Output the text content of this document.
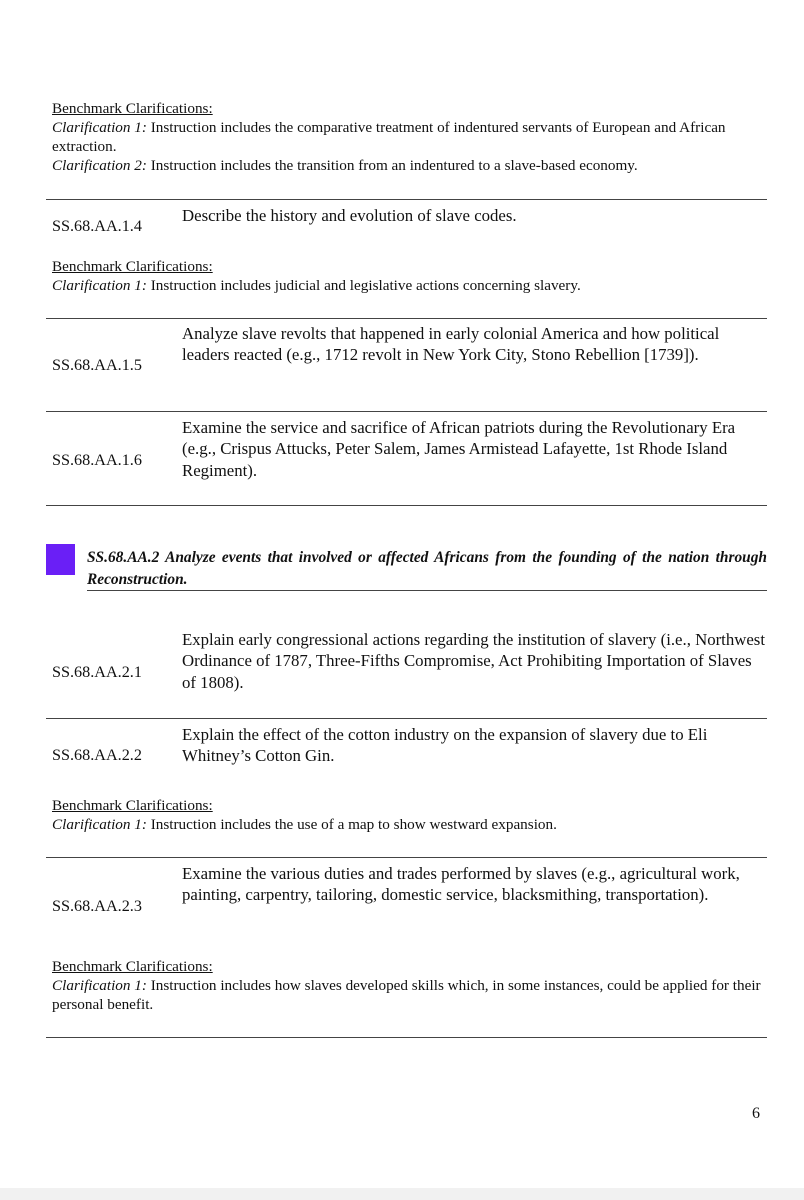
Benchmark Clarifications:
Clarification 1: Instruction includes the comparative treatment of indentured servants of European and African extraction.
Clarification 2: Instruction includes the transition from an indentured to a slave-based economy.
SS.68.AA.1.4
Describe the history and evolution of slave codes.
Benchmark Clarifications:
Clarification 1: Instruction includes judicial and legislative actions concerning slavery.
SS.68.AA.1.5
Analyze slave revolts that happened in early colonial America and how political leaders reacted (e.g., 1712 revolt in New York City, Stono Rebellion [1739]).
SS.68.AA.1.6
Examine the service and sacrifice of African patriots during the Revolutionary Era (e.g., Crispus Attucks, Peter Salem, James Armistead Lafayette, 1st Rhode Island Regiment).
SS.68.AA.2 Analyze events that involved or affected Africans from the founding of the nation through Reconstruction.
SS.68.AA.2.1
Explain early congressional actions regarding the institution of slavery (i.e., Northwest Ordinance of 1787, Three-Fifths Compromise, Act Prohibiting Importation of Slaves of 1808).
SS.68.AA.2.2
Explain the effect of the cotton industry on the expansion of slavery due to Eli Whitney’s Cotton Gin.
Benchmark Clarifications:
Clarification 1: Instruction includes the use of a map to show westward expansion.
SS.68.AA.2.3
Examine the various duties and trades performed by slaves (e.g., agricultural work, painting, carpentry, tailoring, domestic service, blacksmithing, transportation).
Benchmark Clarifications:
Clarification 1: Instruction includes how slaves developed skills which, in some instances, could be applied for their personal benefit.
6
